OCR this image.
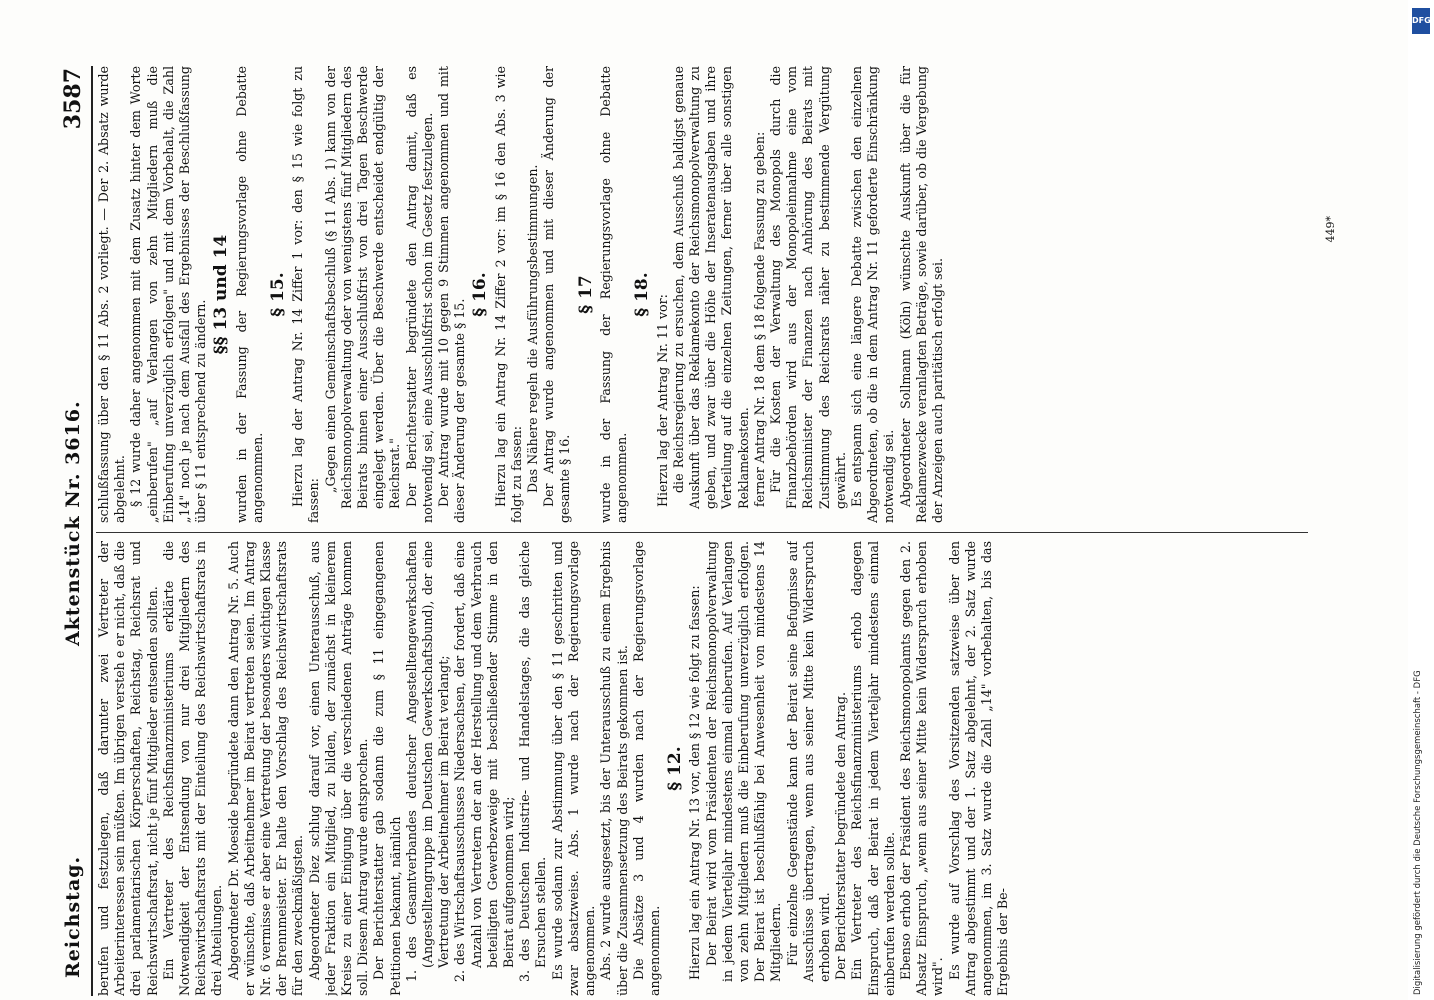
Reichstag.
Aktenstück Nr. 3616.
3587

berufen und festzulegen, daß darunter zwei Vertreter der Arbeiterinteressen sein müßten. Im übrigen versteh e er nicht, daß die drei parlamentarischen Körperschaften, Reichstag, Reichsrat und Reichswirtschaftsrat, nicht je fünf Mitglieder entsenden sollten. Ein Vertreter des Reichsfinanzministeriums erklärte die Notwendigkeit der Entsendung von nur drei Mitgliedern des Reichswirtschaftsrats mit der Einteilung des Reichswirtschaftsrats in drei Abteilungen. Abgeordneter Dr. Moeside begründete dann den Antrag Nr. 5. Auch er wünschte, daß Arbeitnehmer im Beirat vertreten seien. Im Antrag Nr. 6 vermisse er aber eine Vertretung der besonders wichtigen Klasse der Brennmeister. Er halte den Vorschlag des Reichswirtschaftsrats für den zweckmäßigsten. Abgeordneter Diez schlug darauf vor, einen Unterausschuß, aus jeder Fraktion ein Mitglied, zu bilden, der zunächst in kleinerem Kreise zu einer Einigung über die verschiedenen Anträge kommen soll. Diesem Antrag wurde entsprochen. Der Berichterstatter gab sodann die zum § 11 eingegangenen Petitionen bekannt, nämlich 1. des Gesamtverbandes deutscher Angestelltengewerkschaften (Angestelltengruppe im Deutschen Gewerkschaftsbund), der eine Vertretung der Arbeitnehmer im Beirat verlangt; 2. des Wirtschaftsausschusses Niedersachsen, der fordert, daß eine Anzahl von Vertretern der an der Herstellung und dem Verbrauch beteiligten Gewerbezweige mit beschließender Stimme in den Beirat aufgenommen wird; 3. des Deutschen Industrie- und Handelstages, die das gleiche Ersuchen stellen. Es wurde sodann zur Abstimmung über den § 11 geschritten und zwar absatzweise. Abs. 1 wurde nach der Regierungsvorlage angenommen. Abs. 2 wurde ausgesetzt, bis der Unterausschuß zu einem Ergebnis über die Zusammensetzung des Beirats gekommen ist. Die Absätze 3 und 4 wurden nach der Regierungsvorlage angenommen.

§ 12. Hierzu lag ein Antrag Nr. 13 vor, den § 12 wie folgt zu fassen: Der Beirat wird vom Präsidenten der Reichsmonopolverwaltung in jedem Vierteljahr mindestens einmal einberufen. Auf Verlangen von zehn Mitgliedern muß die Einberufung unverzüglich erfolgen. Der Beirat ist beschlußfähig bei Anwesenheit von mindestens 14 Mitgliedern. Für einzelne Gegenstände kann der Beirat seine Befugnisse auf Ausschüsse übertragen, wenn aus seiner Mitte kein Widerspruch erhoben wird. Der Berichterstatter begründete den Antrag. Ein Vertreter des Reichsfinanzministeriums erhob dagegen Einspruch, daß der Beirat in jedem Vierteljahr mindestens einmal einberufen werden sollte. Ebenso erhob der Präsident des Reichsmonopolamts gegen den 2. Absatz Einspruch, „wenn aus seiner Mitte kein Widerspruch erhoben wird". Es wurde auf Vorschlag des Vorsitzenden satzweise über den Antrag abgestimmt und der 1. Satz abgelehnt, der 2. Satz wurde angenommen, im 3. Satz wurde die Zahl „14" vorbehalten, bis das Ergebnis der Be-

schlußfassung über den § 11 Abs. 2 vorliegt. — Der 2. Absatz wurde abgelehnt. § 12 wurde daher angenommen mit dem Zusatz hinter dem Worte „einberufen" „auf Verlangen von zehn Mitgliedern muß die Einberufung unverzüglich erfolgen" und mit dem Vorbehalt, die Zahl „14" noch je nach dem Ausfall des Ergebnisses der Beschlußfassung über § 11 entsprechend zu ändern.

§§ 13 und 14 wurden in der Fassung der Regierungsvorlage ohne Debatte angenommen.

§ 15. Hierzu lag der Antrag Nr. 14 Ziffer 1 vor: den § 15 wie folgt zu fassen:

„Gegen einen Gemeinschaftsbeschluß (§ 11 Abs. 1) kann von der Reichsmonopolverwaltung oder von wenigstens fünf Mitgliedern des Beirats binnen einer Ausschlußfrist von drei Tagen Beschwerde eingelegt werden. Über die Beschwerde entscheidet endgültig der Reichsrat." Der Berichterstatter begründete den Antrag damit, daß es notwendig sei, eine Ausschlußfrist schon im Gesetz festzulegen. Der Antrag wurde mit 10 gegen 9 Stimmen angenommen und mit dieser Änderung der gesamte § 15.

§ 16. Hierzu lag ein Antrag Nr. 14 Ziffer 2 vor: im § 16 den Abs. 3 wie folgt zu fassen: Das Nähere regeln die Ausführungsbestimmungen. Der Antrag wurde angenommen und mit dieser Änderung der gesamte § 16.

§ 17 wurde in der Fassung der Regierungsvorlage ohne Debatte angenommen.

§ 18. Hierzu lag der Antrag Nr. 11 vor: die Reichsregierung zu ersuchen, dem Ausschuß baldigst genaue Auskunft über das Reklamekonto der Reichsmonopolverwaltung zu geben, und zwar über die Höhe der Inseratenausgaben und ihre Verteilung auf die einzelnen Zeitungen, ferner über alle sonstigen Reklamekosten. ferner Antrag Nr. 18 dem § 18 folgende Fassung zu geben: Für die Kosten der Verwaltung des Monopols durch die Finanzbehörden wird aus der Monopoleinnahme eine vom Reichsminister der Finanzen nach Anhörung des Beirats mit Zustimmung des Reichsrats näher zu bestimmende Vergütung gewährt. Es entspann sich eine längere Debatte zwischen den einzelnen Abgeordneten, ob die in dem Antrag Nr. 11 geforderte Einschränkung notwendig sei. Abgeordneter Sollmann (Köln) wünschte Auskunft über die für Reklamezwecke veranlagten Beträge, sowie darüber, ob die Vergebung der Anzeigen auch paritätisch erfolgt sei.

449*
DFG
Digitalisierung gefördert durch die Deutsche Forschungsgemeinschaft - DFG
